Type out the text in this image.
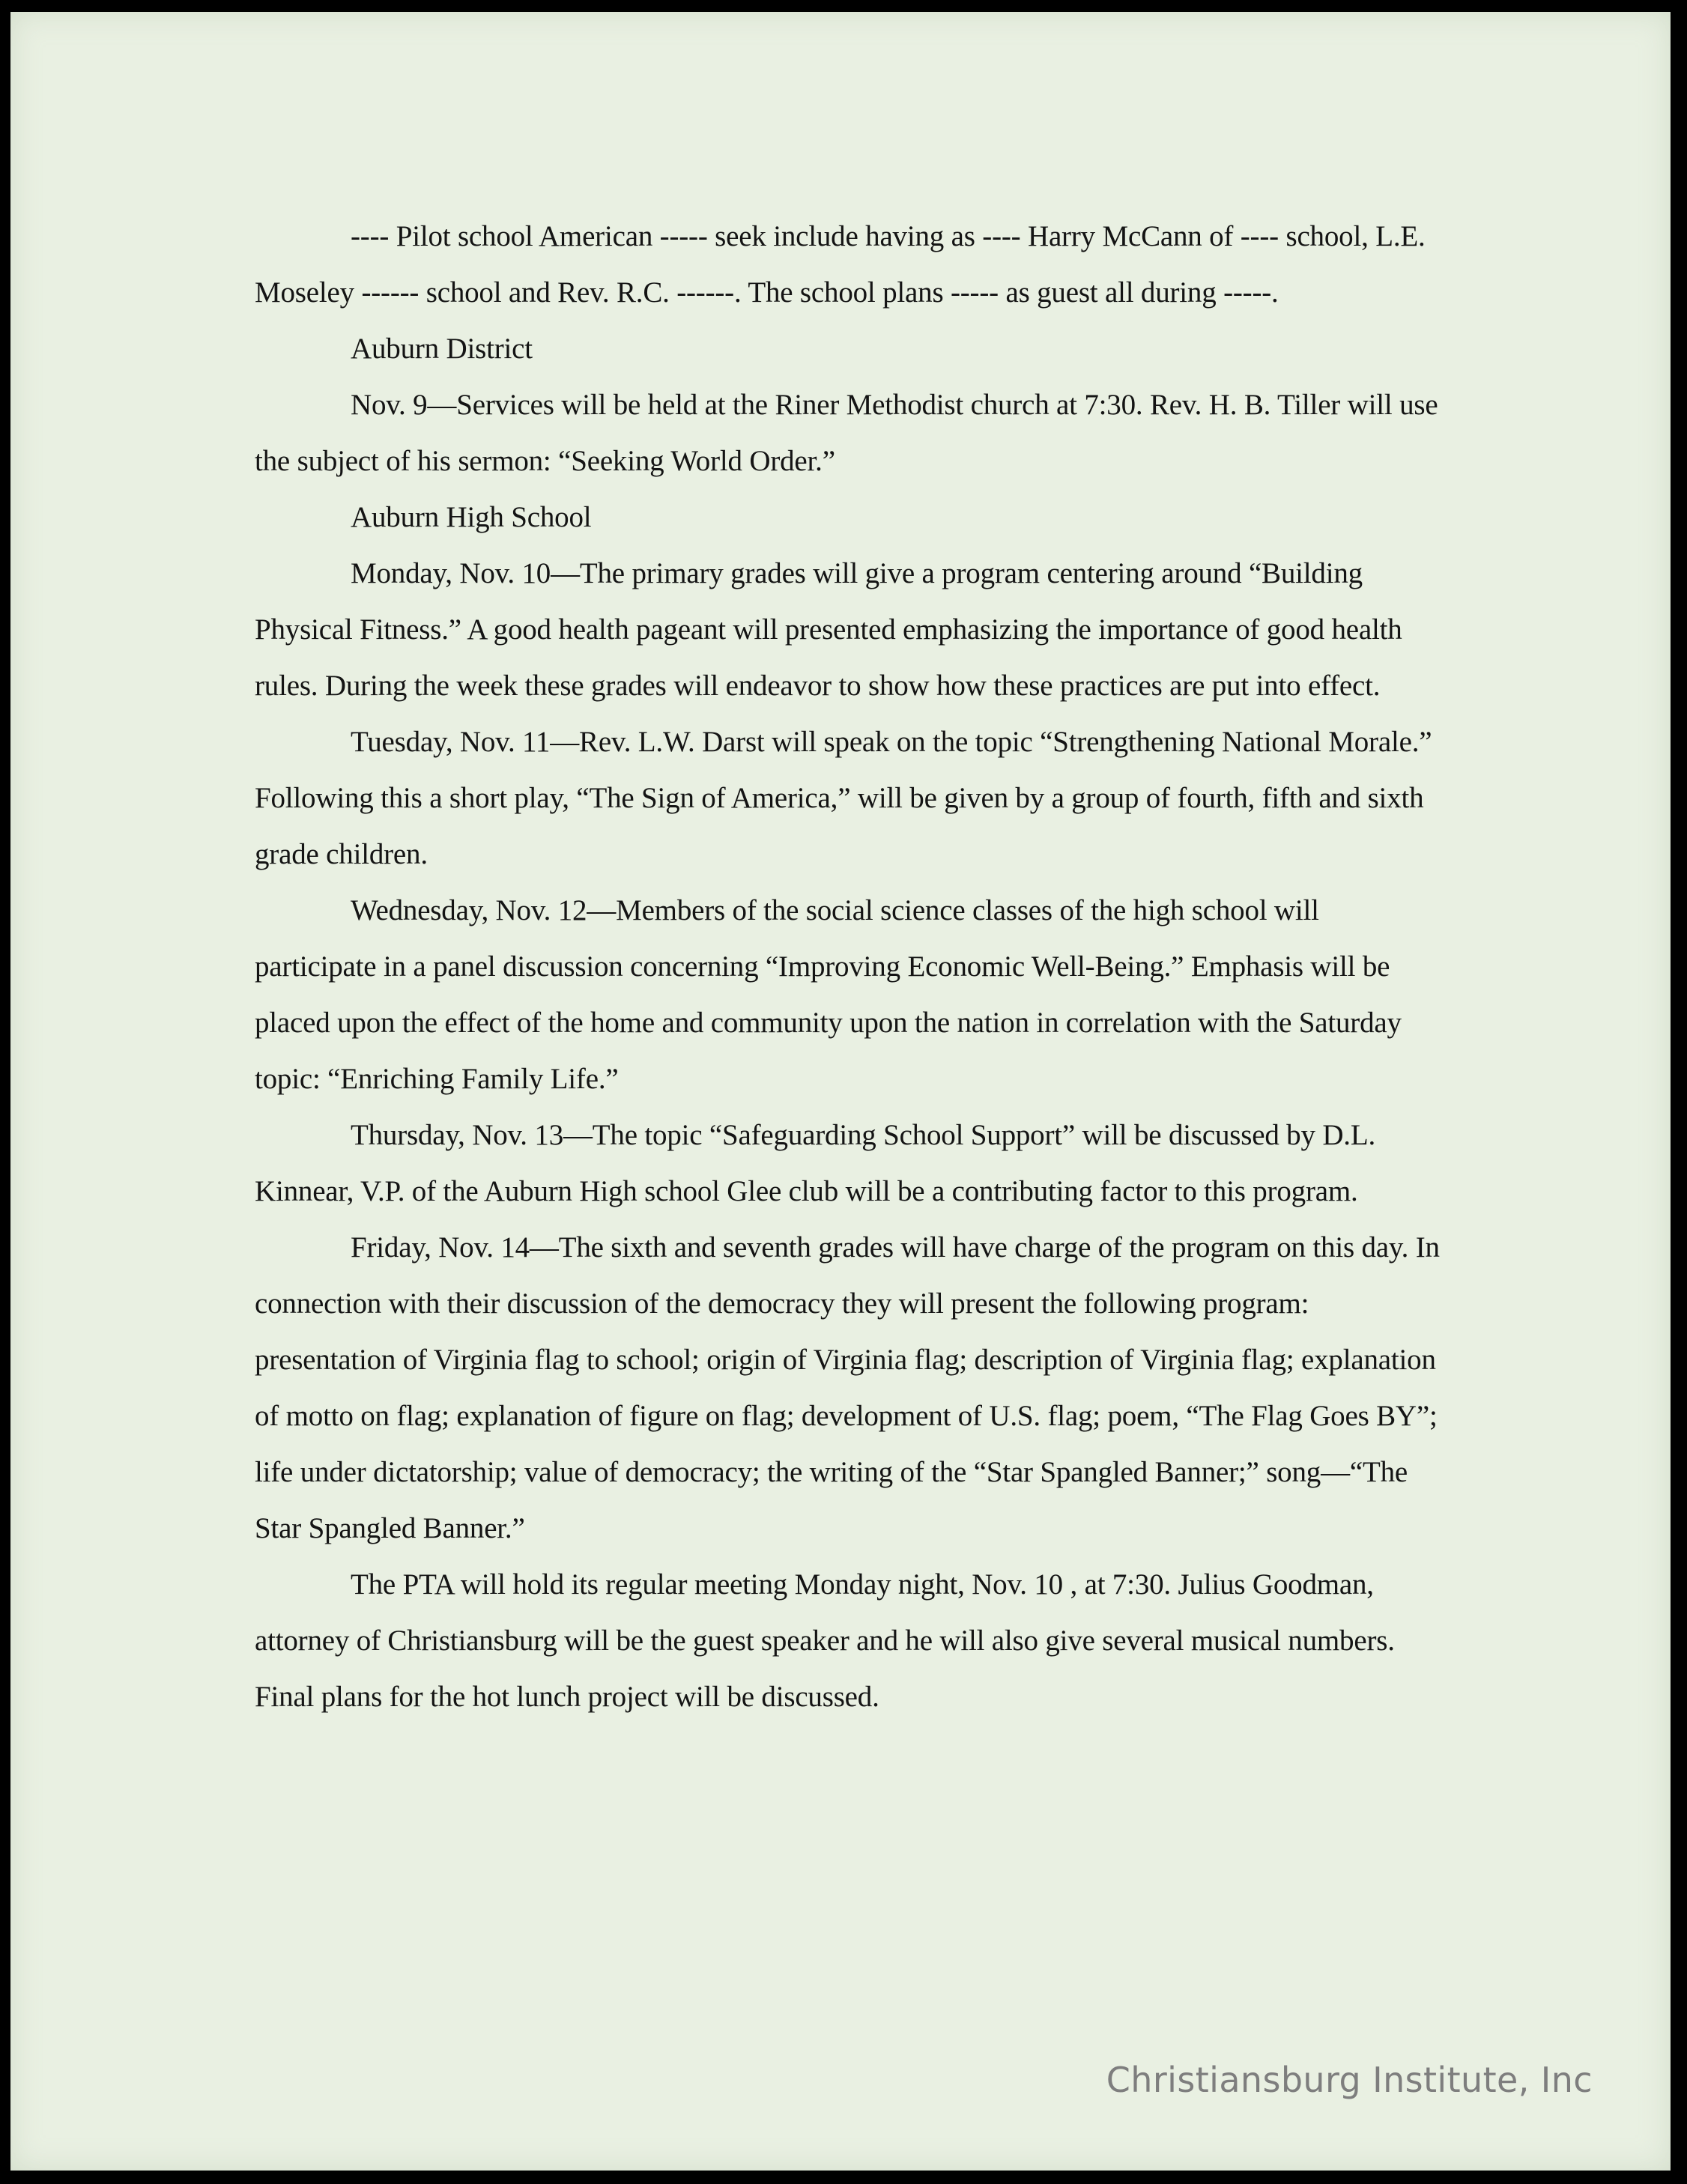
---- Pilot school American ----- seek include having as ---- Harry McCann of ---- school, L.E. Moseley ------ school and Rev. R.C. ------. The school plans ----- as guest all during -----.

Auburn District

Nov. 9—Services will be held at the Riner Methodist church at 7:30. Rev. H. B. Tiller will use the subject of his sermon: “Seeking World Order.”

Auburn High School

Monday, Nov. 10—The primary grades will give a program centering around “Building Physical Fitness.” A good health pageant will presented emphasizing the importance of good health rules. During the week these grades will endeavor to show how these practices are put into effect.

Tuesday, Nov. 11—Rev. L.W. Darst will speak on the topic “Strengthening National Morale.” Following this a short play, “The Sign of America,” will be given by a group of fourth, fifth and sixth grade children.

Wednesday, Nov. 12—Members of the social science classes of the high school will participate in a panel discussion concerning “Improving Economic Well-Being.” Emphasis will be placed upon the effect of the home and community upon the nation in correlation with the Saturday topic: “Enriching Family Life.”

Thursday, Nov. 13—The topic “Safeguarding School Support” will be discussed by D.L. Kinnear, V.P. of the Auburn High school Glee club will be a contributing factor to this program.

Friday, Nov. 14—The sixth and seventh grades will have charge of the program on this day. In connection with their discussion of the democracy they will present the following program: presentation of Virginia flag to school; origin of Virginia flag; description of Virginia flag; explanation of motto on flag; explanation of figure on flag; development of U.S. flag; poem, “The Flag Goes BY”; life under dictatorship; value of democracy; the writing of the “Star Spangled Banner;” song—“The Star Spangled Banner.”

The PTA will hold its regular meeting Monday night, Nov. 10 , at 7:30. Julius Goodman, attorney of Christiansburg will be the guest speaker and he will also give several musical numbers. Final plans for the hot lunch project will be discussed.

Christiansburg Institute, Inc
